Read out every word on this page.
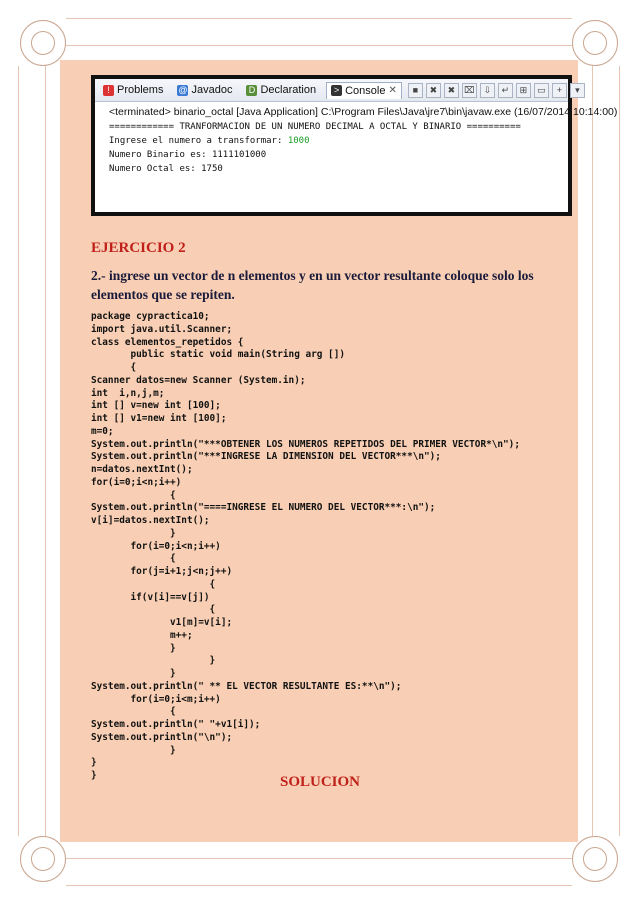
! Problems @ Javadoc D Declaration	> Console ✕	■	✖	✖	⌧	⇩	↵	⊞	▭	+	▾
<terminated> binario_octal [Java Application] C:\Program Files\Java\jre7\bin\javaw.exe (16/07/2014 10:14:00)
============ TRANFORMACION DE UN NUMERO DECIMAL A OCTAL Y BINARIO ==========
Ingrese el numero a transformar: 1000
Numero Binario es: 1111101000
Numero Octal es: 1750
EJERCICIO 2
2.- ingrese un vector de n elementos y en un vector resultante coloque solo los elementos que se repiten.
package cypractica10;
import java.util.Scanner;
class elementos_repetidos {
public static void main(String arg [])
{
Scanner datos=new Scanner (System.in);
int  i,n,j,m;
int [] v=new int [100];
int [] v1=new int [100];
m=0;
System.out.println("***OBTENER LOS NUMEROS REPETIDOS DEL PRIMER VECTOR*\n");
System.out.println("***INGRESE LA DIMENSION DEL VECTOR***\n");
n=datos.nextInt();
for(i=0;i<n;i++)
{
System.out.println("====INGRESE EL NUMERO DEL VECTOR***:\n");
v[i]=datos.nextInt();
}
for(i=0;i<n;i++)
{
for(j=i+1;j<n;j++)
{
if(v[i]==v[j])
{
v1[m]=v[i];
m++;
}
}
}
System.out.println(" ** EL VECTOR RESULTANTE ES:**\n");
for(i=0;i<m;i++)
{
System.out.println(" "+v1[i]);
System.out.println("\n");
}
}
}	SOLUCION
